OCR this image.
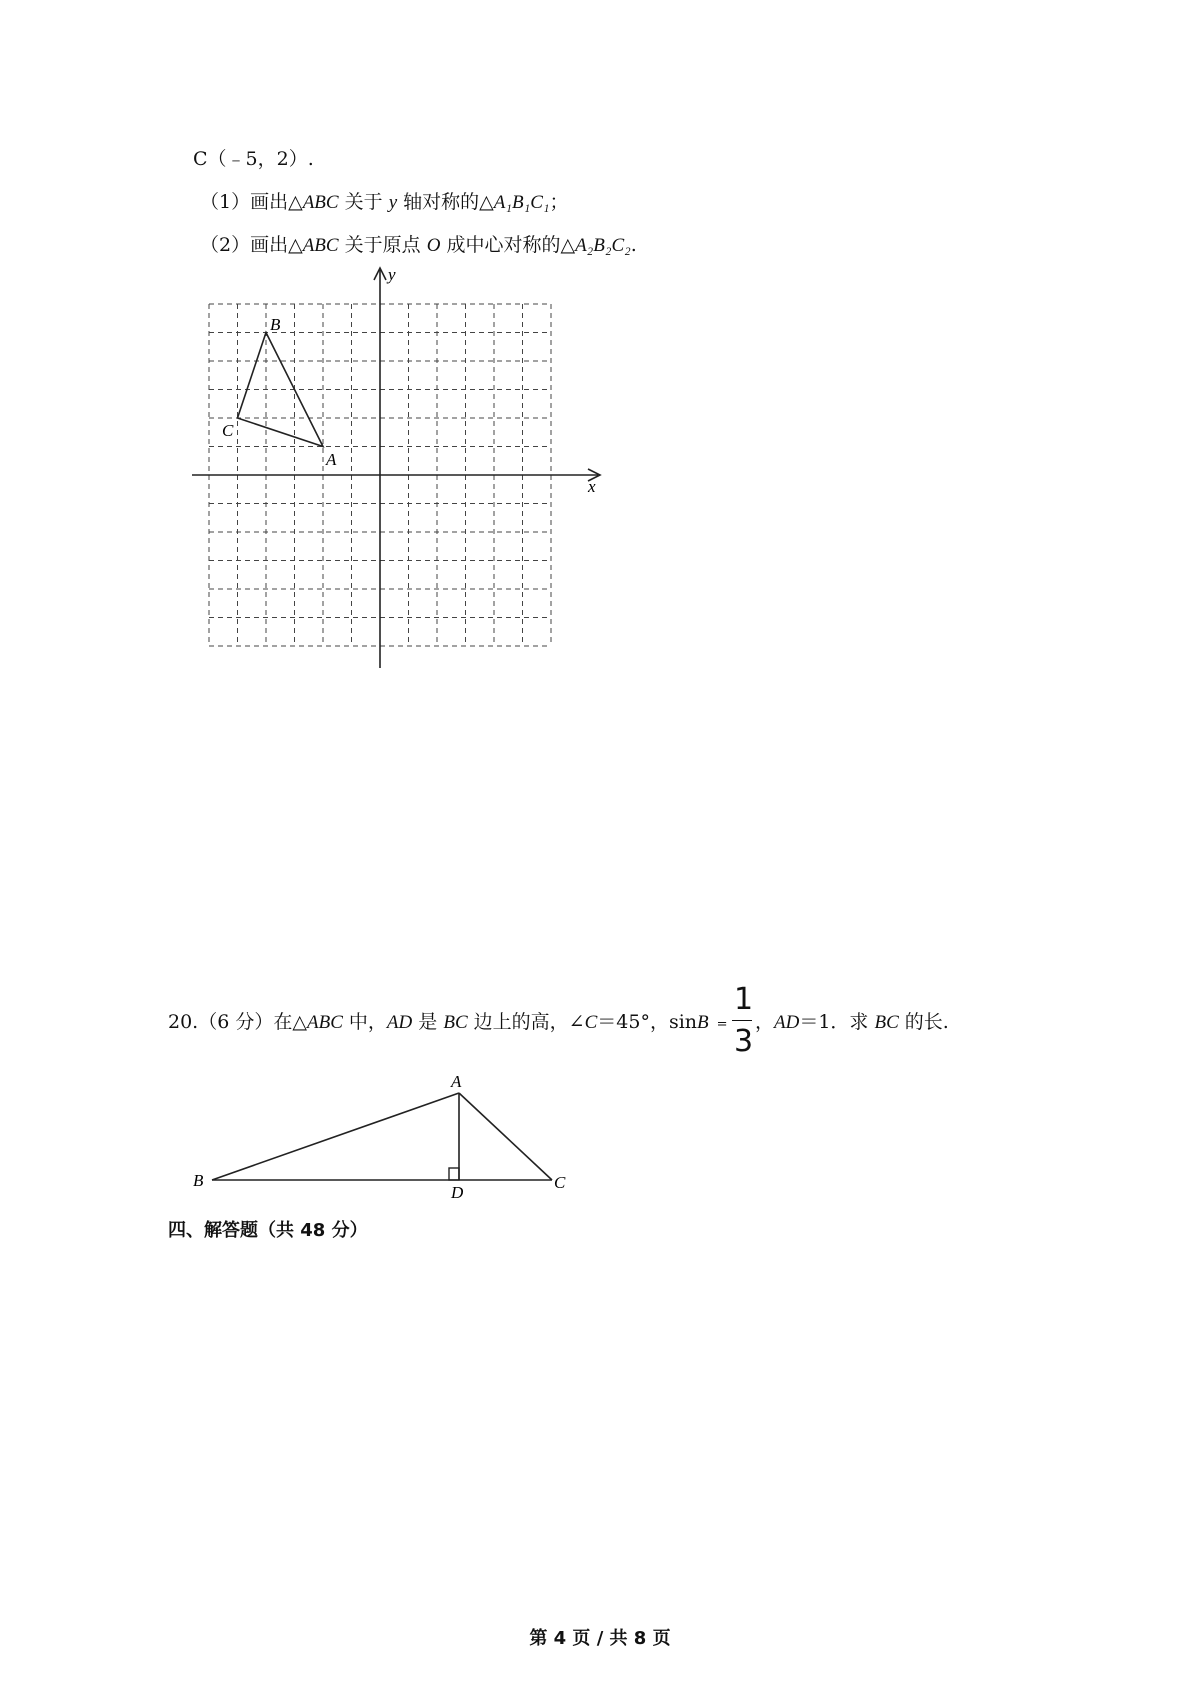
C（﹣5，2）.
（1）画出△ABC 关于 y 轴对称的△A₁B₁C₁；
（2）画出△ABC 关于原点 O 成中心对称的△A₂B₂C₂.
x
y
A
B
C
20.（6 分）在△ABC 中，AD 是 BC 边上的高，∠C＝45°，sinB =
1
3
，AD＝1．求 BC 的长.
A
B	C
D
四、解答题（共 48 分）
第 4 页 / 共 8 页
